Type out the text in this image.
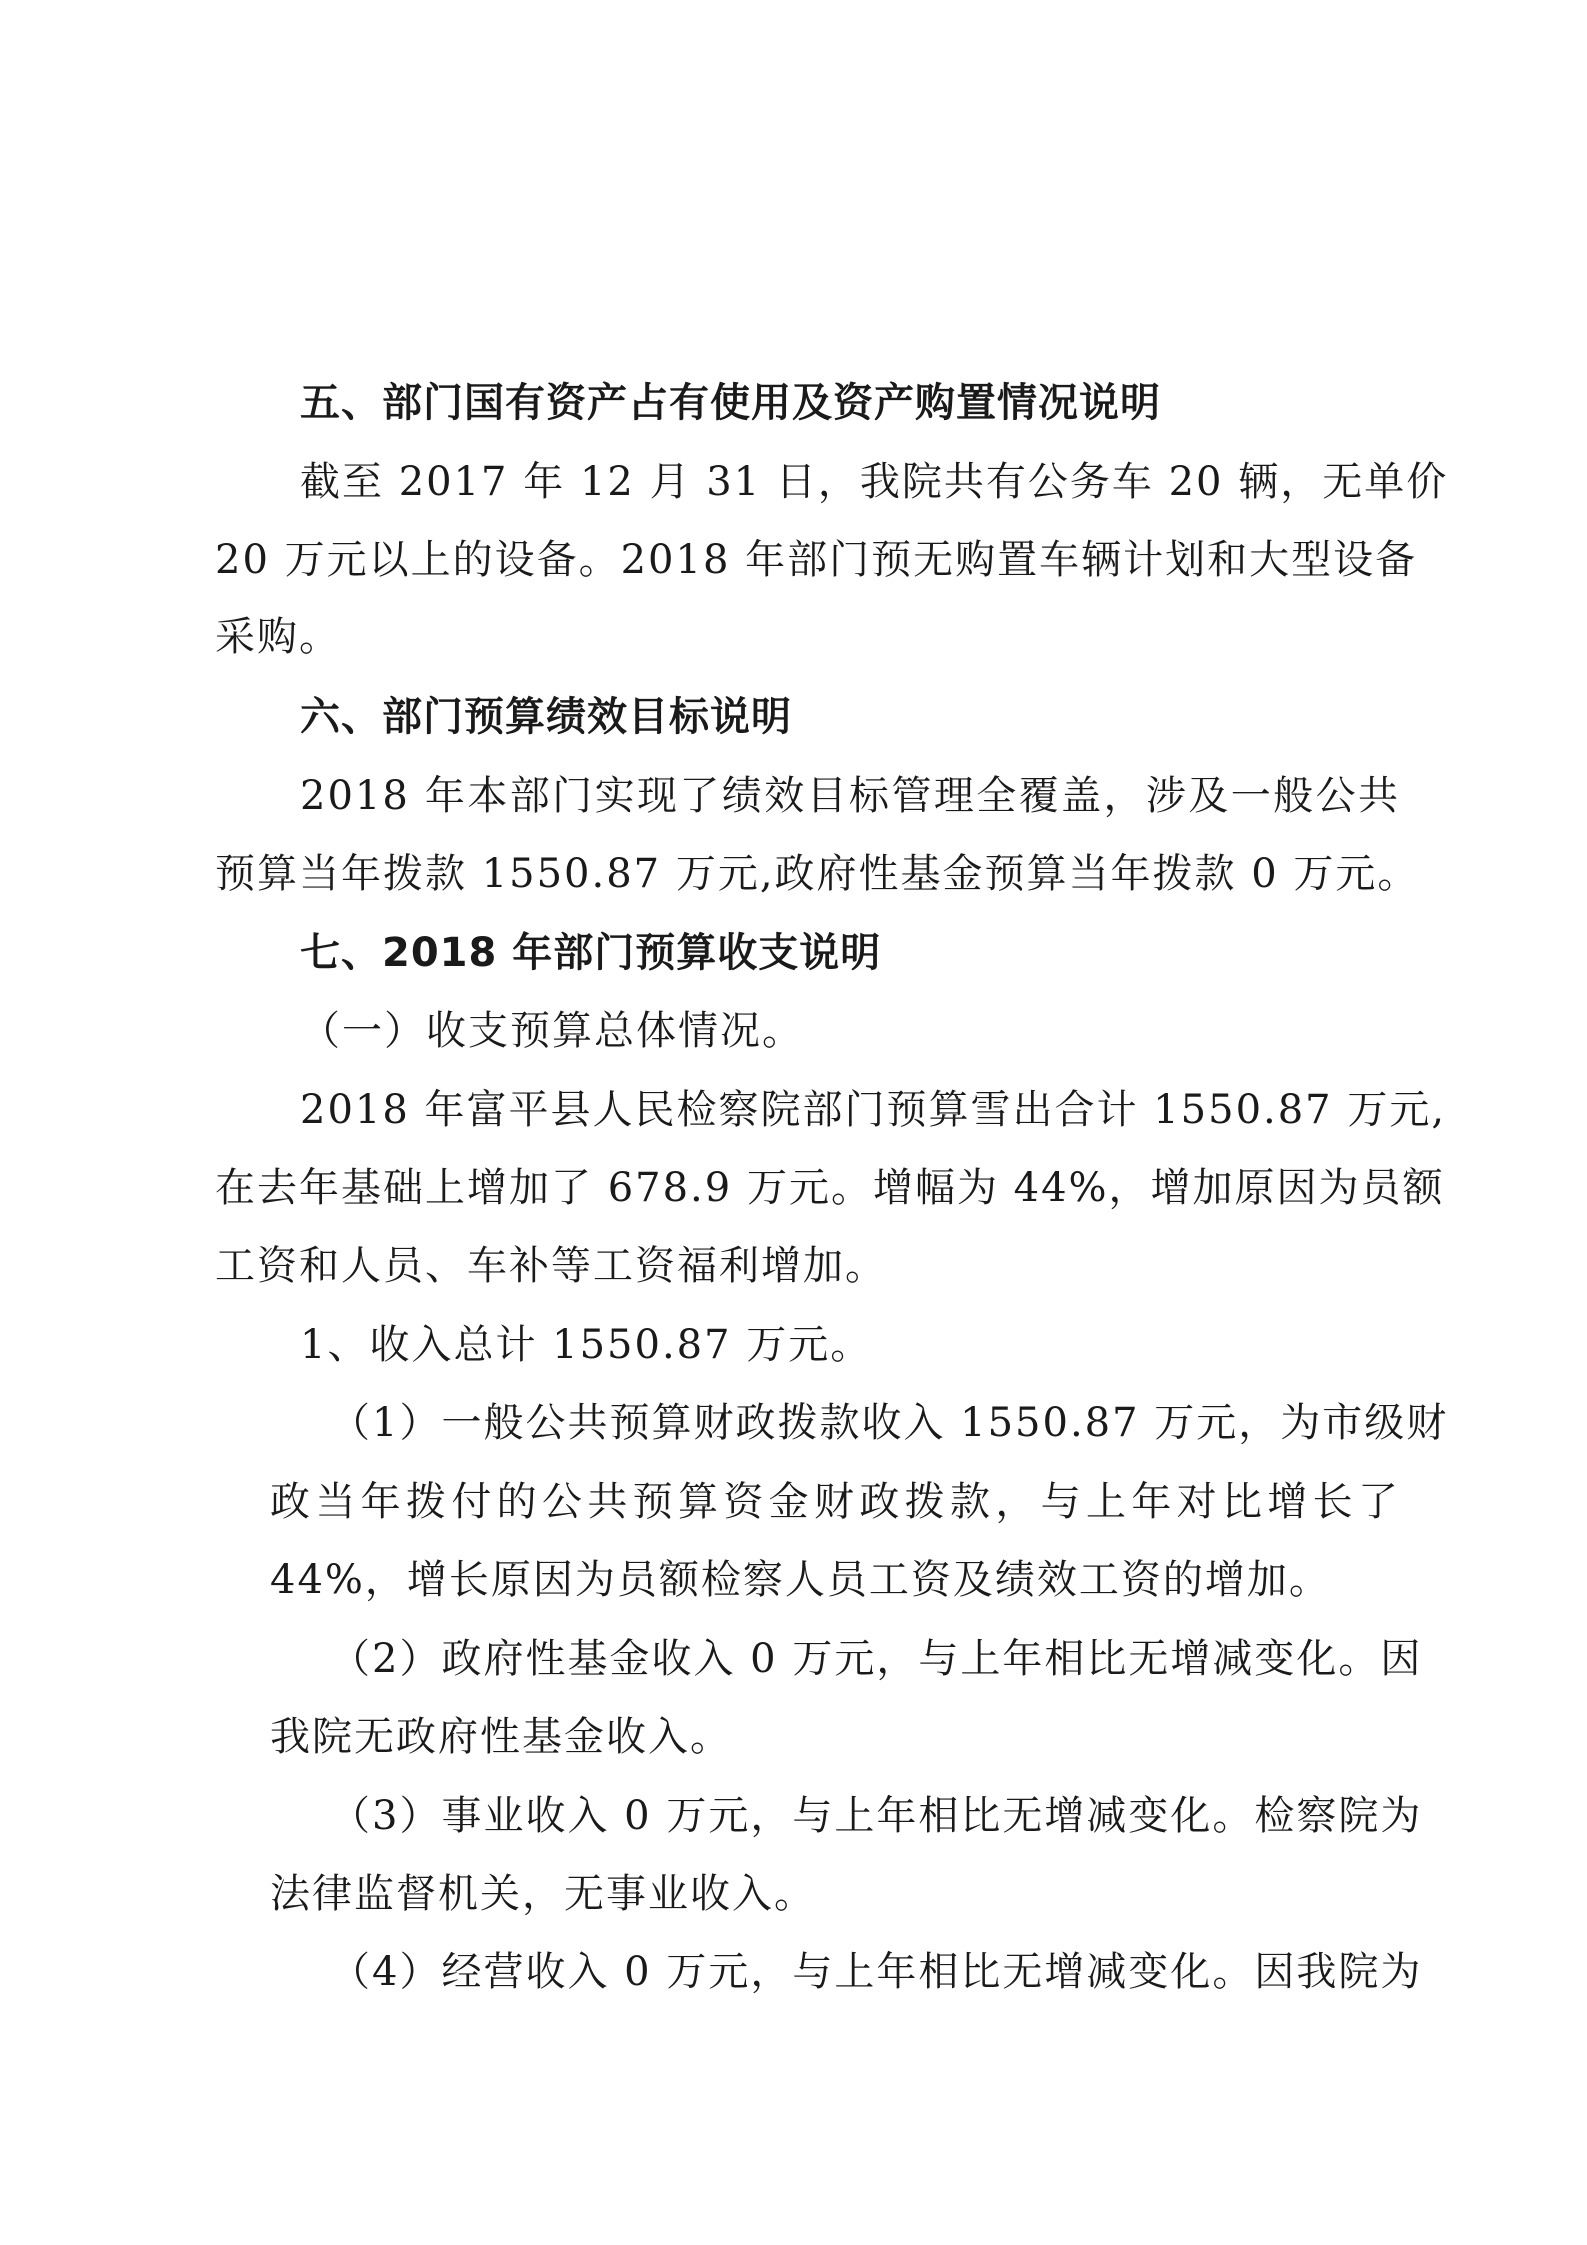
五、部门国有资产占有使用及资产购置情况说明
截至 2017 年 12 月 31 日，我院共有公务车 20 辆，无单价
20 万元以上的设备。2018 年部门预无购置车辆计划和大型设备
采购。
六、部门预算绩效目标说明
2018 年本部门实现了绩效目标管理全覆盖，涉及一般公共
预算当年拨款 1550.87 万元,政府性基金预算当年拨款 0 万元。
七、2018 年部门预算收支说明
（一）收支预算总体情况。
2018 年富平县人民检察院部门预算雪出合计 1550.87 万元,
在去年基础上增加了 678.9 万元。增幅为 44%，增加原因为员额
工资和人员、车补等工资福利增加。
1、收入总计 1550.87 万元。
（1）一般公共预算财政拨款收入 1550.87 万元，为市级财
政当年拨付的公共预算资金财政拨款，与上年对比增长了
44%，增长原因为员额检察人员工资及绩效工资的增加。
（2）政府性基金收入 0 万元，与上年相比无增减变化。因
我院无政府性基金收入。
（3）事业收入 0 万元，与上年相比无增减变化。检察院为
法律监督机关，无事业收入。
（4）经营收入 0 万元，与上年相比无增减变化。因我院为
